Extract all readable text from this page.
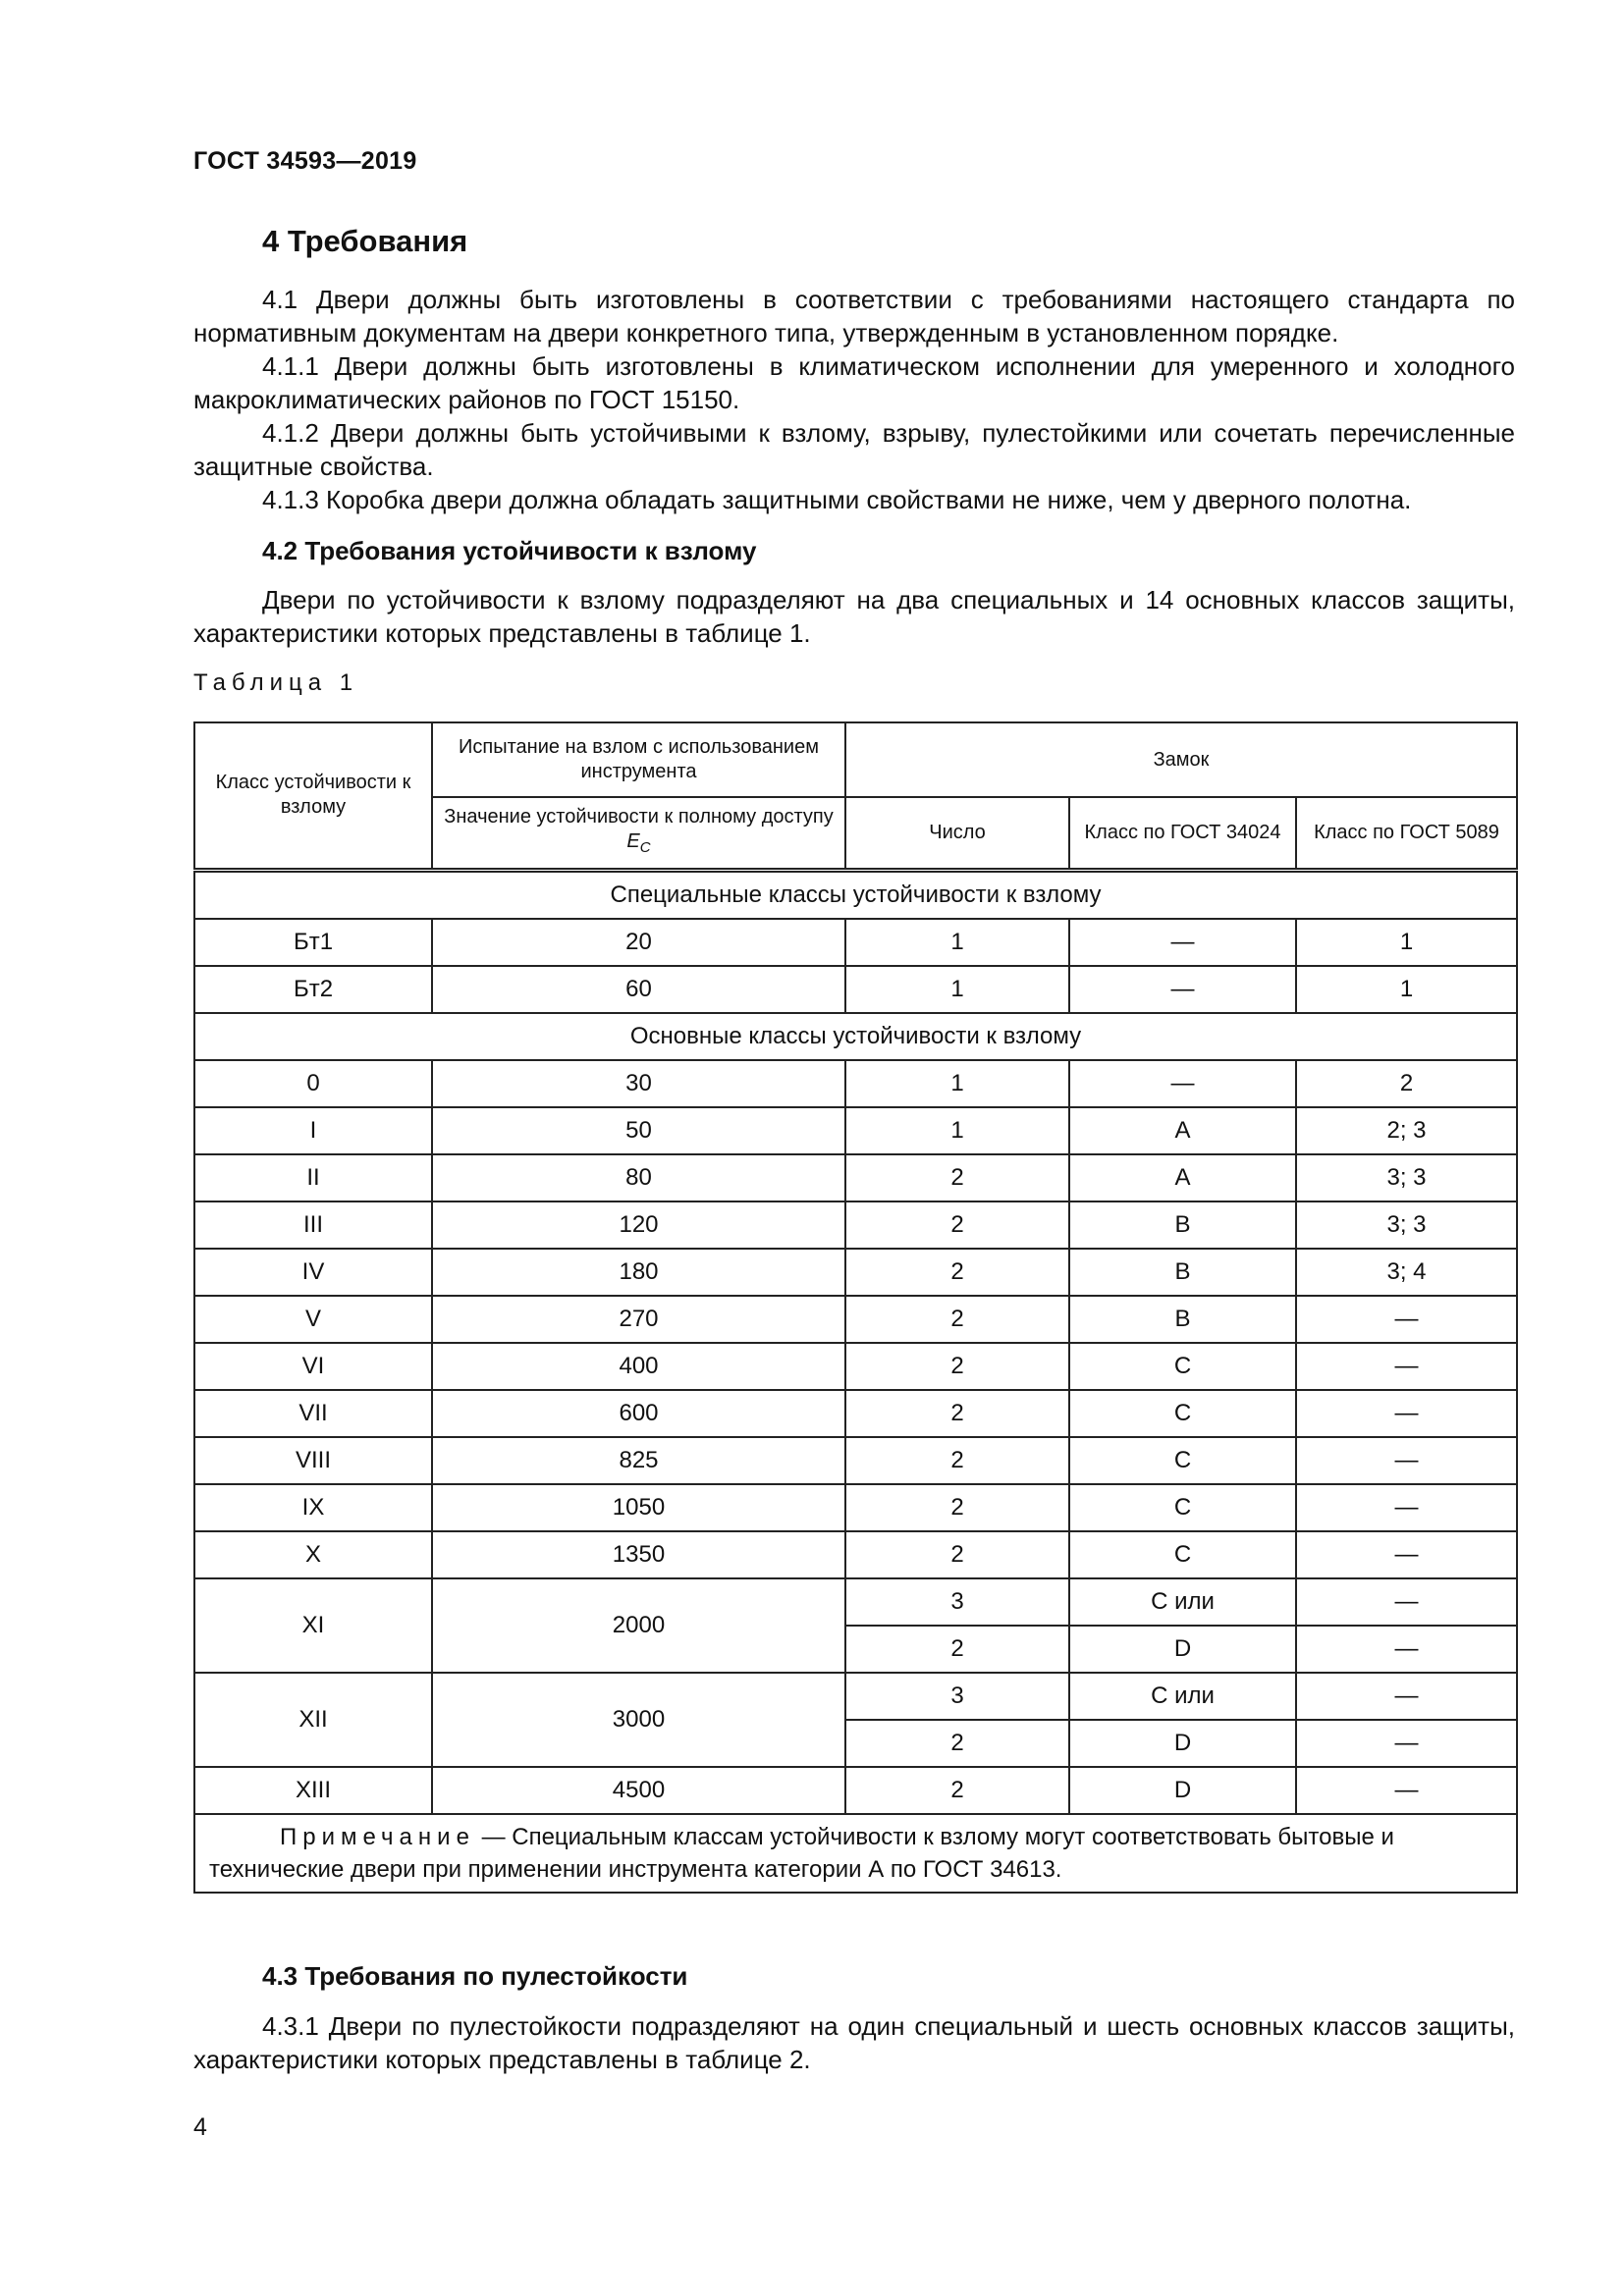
ГОСТ 34593—2019
4 Требования

4.1 Двери должны быть изготовлены в соответствии с требованиями настоящего стандарта по нормативным документам на двери конкретного типа, утвержденным в установленном порядке.

4.1.1 Двери должны быть изготовлены в климатическом исполнении для умеренного и холодного макроклиматических районов по ГОСТ 15150.

4.1.2 Двери должны быть устойчивыми к взлому, взрыву, пулестойкими или сочетать перечисленные защитные свойства.

4.1.3 Коробка двери должна обладать защитными свойствами не ниже, чем у дверного полотна.

4.2 Требования устойчивости к взлому

Двери по устойчивости к взлому подразделяют на два специальных и 14 основных классов защиты, характеристики которых представлены в таблице 1.

Таблица 1
Класс устойчивости к взлому	Испытание на взлом с использованием инструмента	Замок		
	Значение устойчивости к полному доступу $E_C$	Число	Класс по ГОСТ 34024	Класс по ГОСТ 5089
Специальные классы устойчивости к взлому				
Бт1	20	1	—	1
Бт2	60	1	—	1
Основные классы устойчивости к взлому				
0	30	1	—	2
I	50	1	A	2; 3
II	80	2	A	3; 3
III	120	2	B	3; 3
IV	180	2	B	3; 4
V	270	2	B	—
VI	400	2	C	—
VII	600	2	C	—
VIII	825	2	C	—
IX	1050	2	C	—
X	1350	2	C	—
XI	2000	3	C или	—
		2	D	—
XII	3000	3	C или	—
		2	D	—
XIII	4500	2	D	—
Примечание — Специальным классам устойчивости к взлому могут соответствовать бытовые и технические двери при применении инструмента категории А по ГОСТ 34613.				
4.3 Требования по пулестойкости

4.3.1 Двери по пулестойкости подразделяют на один специальный и шесть основных классов защиты, характеристики которых представлены в таблице 2.

4
